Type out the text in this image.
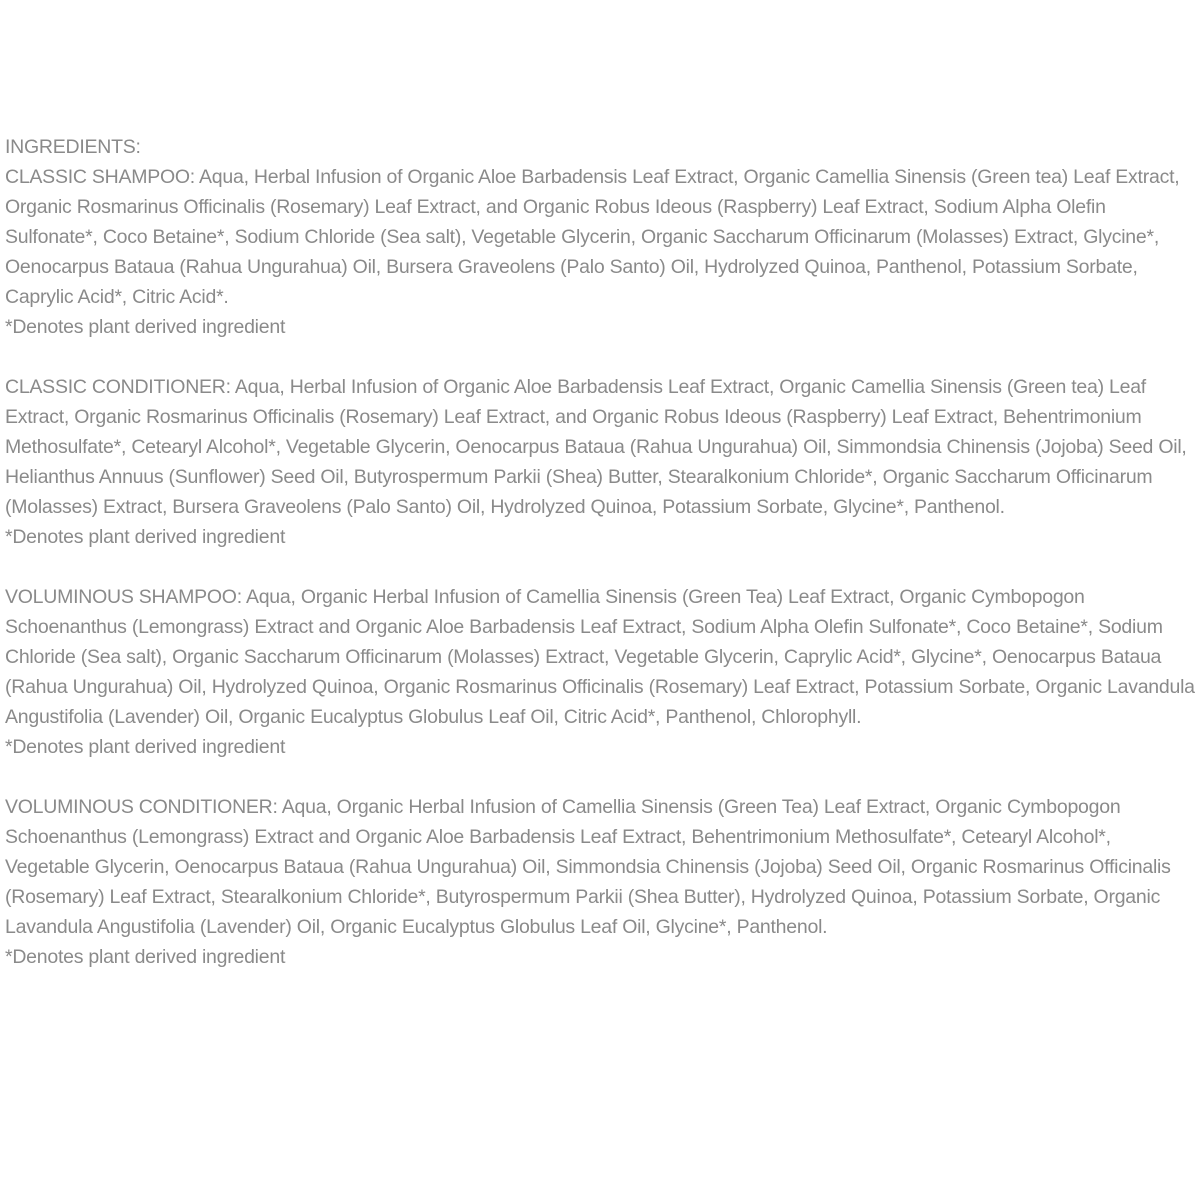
INGREDIENTS:

CLASSIC SHAMPOO: Aqua, Herbal Infusion of Organic Aloe Barbadensis Leaf Extract, Organic Camellia Sinensis (Green tea) Leaf Extract, Organic Rosmarinus Officinalis (Rosemary) Leaf Extract, and Organic Robus Ideous (Raspberry) Leaf Extract, Sodium Alpha Olefin Sulfonate*, Coco Betaine*, Sodium Chloride (Sea salt), Vegetable Glycerin, Organic Saccharum Officinarum (Molasses) Extract, Glycine*, Oenocarpus Bataua (Rahua Ungurahua) Oil, Bursera Graveolens (Palo Santo) Oil, Hydrolyzed Quinoa, Panthenol, Potassium Sorbate, Caprylic Acid*, Citric Acid*.

*Denotes plant derived ingredient

CLASSIC CONDITIONER: Aqua, Herbal Infusion of Organic Aloe Barbadensis Leaf Extract, Organic Camellia Sinensis (Green tea) Leaf Extract, Organic Rosmarinus Officinalis (Rosemary) Leaf Extract, and Organic Robus Ideous (Raspberry) Leaf Extract, Behentrimonium Methosulfate*, Cetearyl Alcohol*, Vegetable Glycerin, Oenocarpus Bataua (Rahua Ungurahua) Oil, Simmondsia Chinensis (Jojoba) Seed Oil, Helianthus Annuus (Sunflower) Seed Oil, Butyrospermum Parkii (Shea) Butter, Stearalkonium Chloride*, Organic Saccharum Officinarum (Molasses) Extract, Bursera Graveolens (Palo Santo) Oil, Hydrolyzed Quinoa, Potassium Sorbate, Glycine*, Panthenol.

*Denotes plant derived ingredient

VOLUMINOUS SHAMPOO: Aqua, Organic Herbal Infusion of Camellia Sinensis (Green Tea) Leaf Extract, Organic Cymbopogon Schoenanthus (Lemongrass) Extract and Organic Aloe Barbadensis Leaf Extract, Sodium Alpha Olefin Sulfonate*, Coco Betaine*, Sodium Chloride (Sea salt), Organic Saccharum Officinarum (Molasses) Extract, Vegetable Glycerin, Caprylic Acid*, Glycine*, Oenocarpus Bataua (Rahua Ungurahua) Oil, Hydrolyzed Quinoa, Organic Rosmarinus Officinalis (Rosemary) Leaf Extract, Potassium Sorbate, Organic Lavandula Angustifolia (Lavender) Oil, Organic Eucalyptus Globulus Leaf Oil, Citric Acid*, Panthenol, Chlorophyll.

*Denotes plant derived ingredient

VOLUMINOUS CONDITIONER: Aqua, Organic Herbal Infusion of Camellia Sinensis (Green Tea) Leaf Extract, Organic Cymbopogon Schoenanthus (Lemongrass) Extract and Organic Aloe Barbadensis Leaf Extract, Behentrimonium Methosulfate*, Cetearyl Alcohol*, Vegetable Glycerin, Oenocarpus Bataua (Rahua Ungurahua) Oil, Simmondsia Chinensis (Jojoba) Seed Oil, Organic Rosmarinus Officinalis (Rosemary) Leaf Extract, Stearalkonium Chloride*, Butyrospermum Parkii (Shea Butter), Hydrolyzed Quinoa, Potassium Sorbate, Organic Lavandula Angustifolia (Lavender) Oil, Organic Eucalyptus Globulus Leaf Oil, Glycine*, Panthenol.

*Denotes plant derived ingredient
